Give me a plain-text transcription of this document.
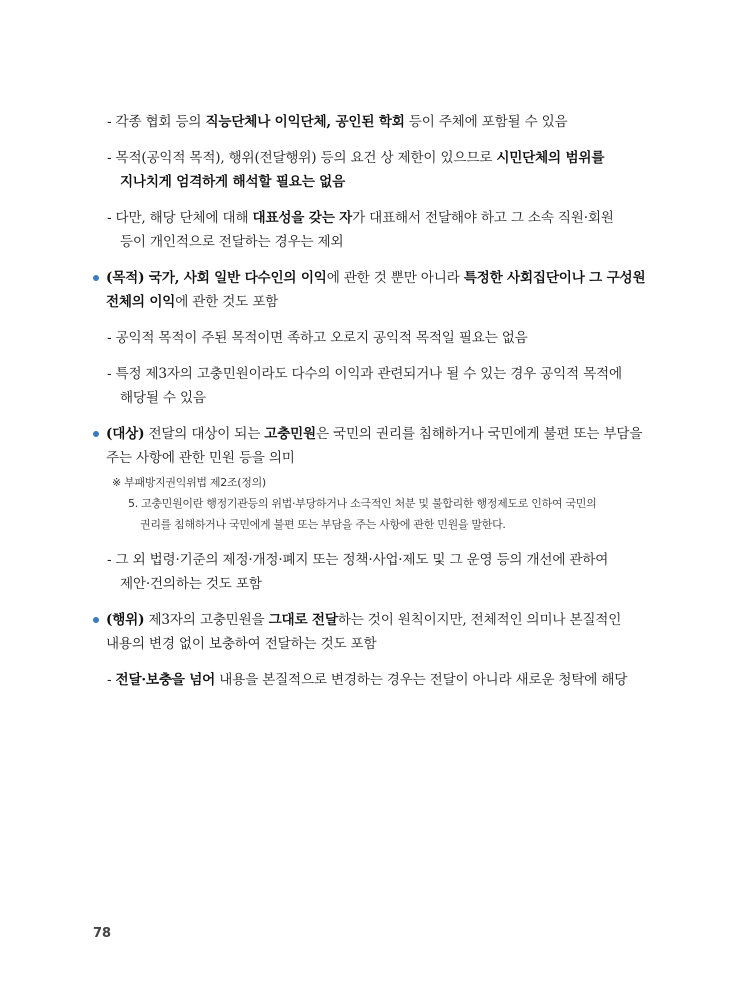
- 각종 협회 등의 직능단체나 이익단체, 공인된 학회 등이 주체에 포함될 수 있음
- 목적(공익적 목적), 행위(전달행위) 등의 요건 상 제한이 있으므로 시민단체의 범위를
지나치게 엄격하게 해석할 필요는 없음
- 다만, 해당 단체에 대해 대표성을 갖는 자가 대표해서 전달해야 하고 그 소속 직원·회원
등이 개인적으로 전달하는 경우는 제외
(목적) 국가, 사회 일반 다수인의 이익에 관한 것 뿐만 아니라 특정한 사회집단이나 그 구성원
전체의 이익에 관한 것도 포함
- 공익적 목적이 주된 목적이면 족하고 오로지 공익적 목적일 필요는 없음
- 특정 제3자의 고충민원이라도 다수의 이익과 관련되거나 될 수 있는 경우 공익적 목적에
해당될 수 있음
(대상) 전달의 대상이 되는 고충민원은 국민의 권리를 침해하거나 국민에게 불편 또는 부담을
주는 사항에 관한 민원 등을 의미
※ 부패방지권익위법 제2조(정의)
5. 고충민원이란 행정기관등의 위법·부당하거나 소극적인 처분 및 불합리한 행정제도로 인하여 국민의
권리를 침해하거나 국민에게 불편 또는 부담을 주는 사항에 관한 민원을 말한다.
- 그 외 법령·기준의 제정·개정·폐지 또는 정책·사업·제도 및 그 운영 등의 개선에 관하여
제안·건의하는 것도 포함
(행위) 제3자의 고충민원을 그대로 전달하는 것이 원칙이지만, 전체적인 의미나 본질적인
내용의 변경 없이 보충하여 전달하는 것도 포함
- 전달·보충을 넘어 내용을 본질적으로 변경하는 경우는 전달이 아니라 새로운 청탁에 해당
78
